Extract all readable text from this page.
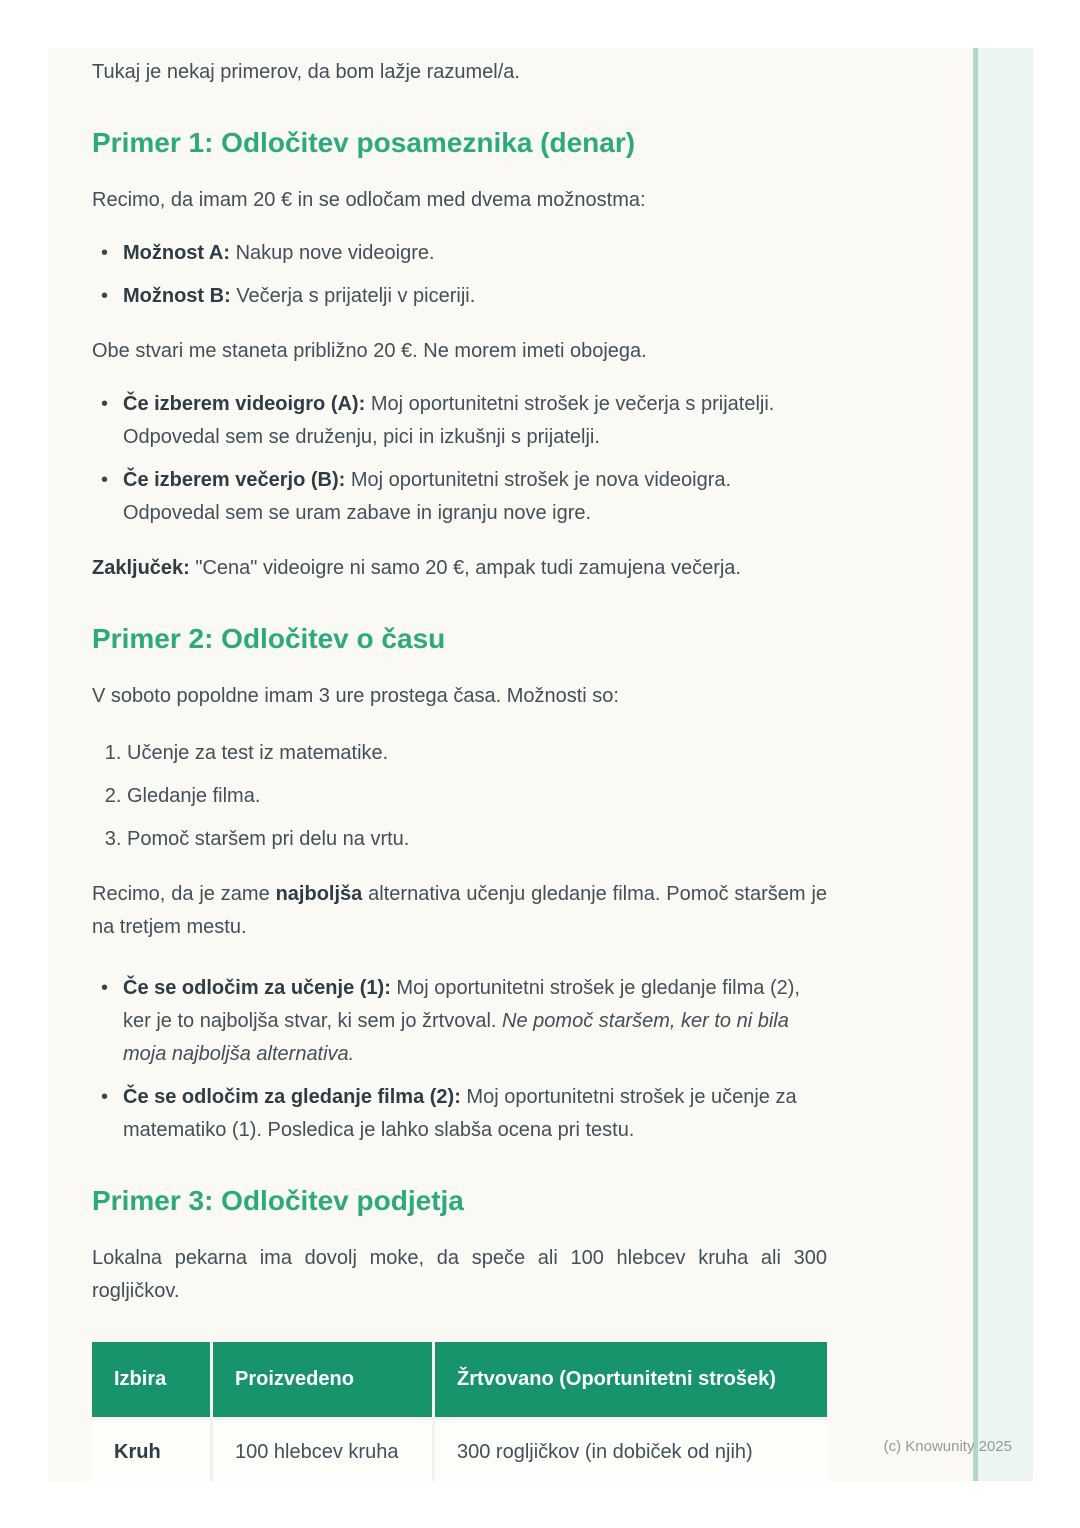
Tukaj je nekaj primerov, da bom lažje razumel/a.

Primer 1: Odločitev posameznika (denar)

Recimo, da imam 20 € in se odločam med dvema možnostma:

• Možnost A: Nakup nove videoigre.
• Možnost B: Večerja s prijatelji v piceriji.

Obe stvari me staneta približno 20 €. Ne morem imeti obojega.

• Če izberem videoigro (A): Moj oportunitetni strošek je večerja s prijatelji. Odpovedal sem se druženju, pici in izkušnji s prijatelji.
• Če izberem večerjo (B): Moj oportunitetni strošek je nova videoigra. Odpovedal sem se uram zabave in igranju nove igre.

Zaključek: "Cena" videoigre ni samo 20 €, ampak tudi zamujena večerja.

Primer 2: Odločitev o času

V soboto popoldne imam 3 ure prostega časa. Možnosti so:

1. Učenje za test iz matematike.
2. Gledanje filma.
3. Pomoč staršem pri delu na vrtu.

Recimo, da je zame najboljša alternativa učenju gledanje filma. Pomoč staršem je na tretjem mestu.

• Če se odločim za učenje (1): Moj oportunitetni strošek je gledanje filma (2), ker je to najboljša stvar, ki sem jo žrtvoval. Ne pomoč staršem, ker to ni bila moja najboljša alternativa.
• Če se odločim za gledanje filma (2): Moj oportunitetni strošek je učenje za matematiko (1). Posledica je lahko slabša ocena pri testu.
Primer 3: Odločitev podjetja

Lokalna pekarna ima dovolj moke, da speče ali 100 hlebcev kruha ali 300 rogljičkov.

Izbira	Proizvedeno	Žrtvovano (Oportunitetni strošek)
Kruh	100 hlebcev kruha	300 rogljičkov (in dobiček od njih)	(c) Knowunity 2025
